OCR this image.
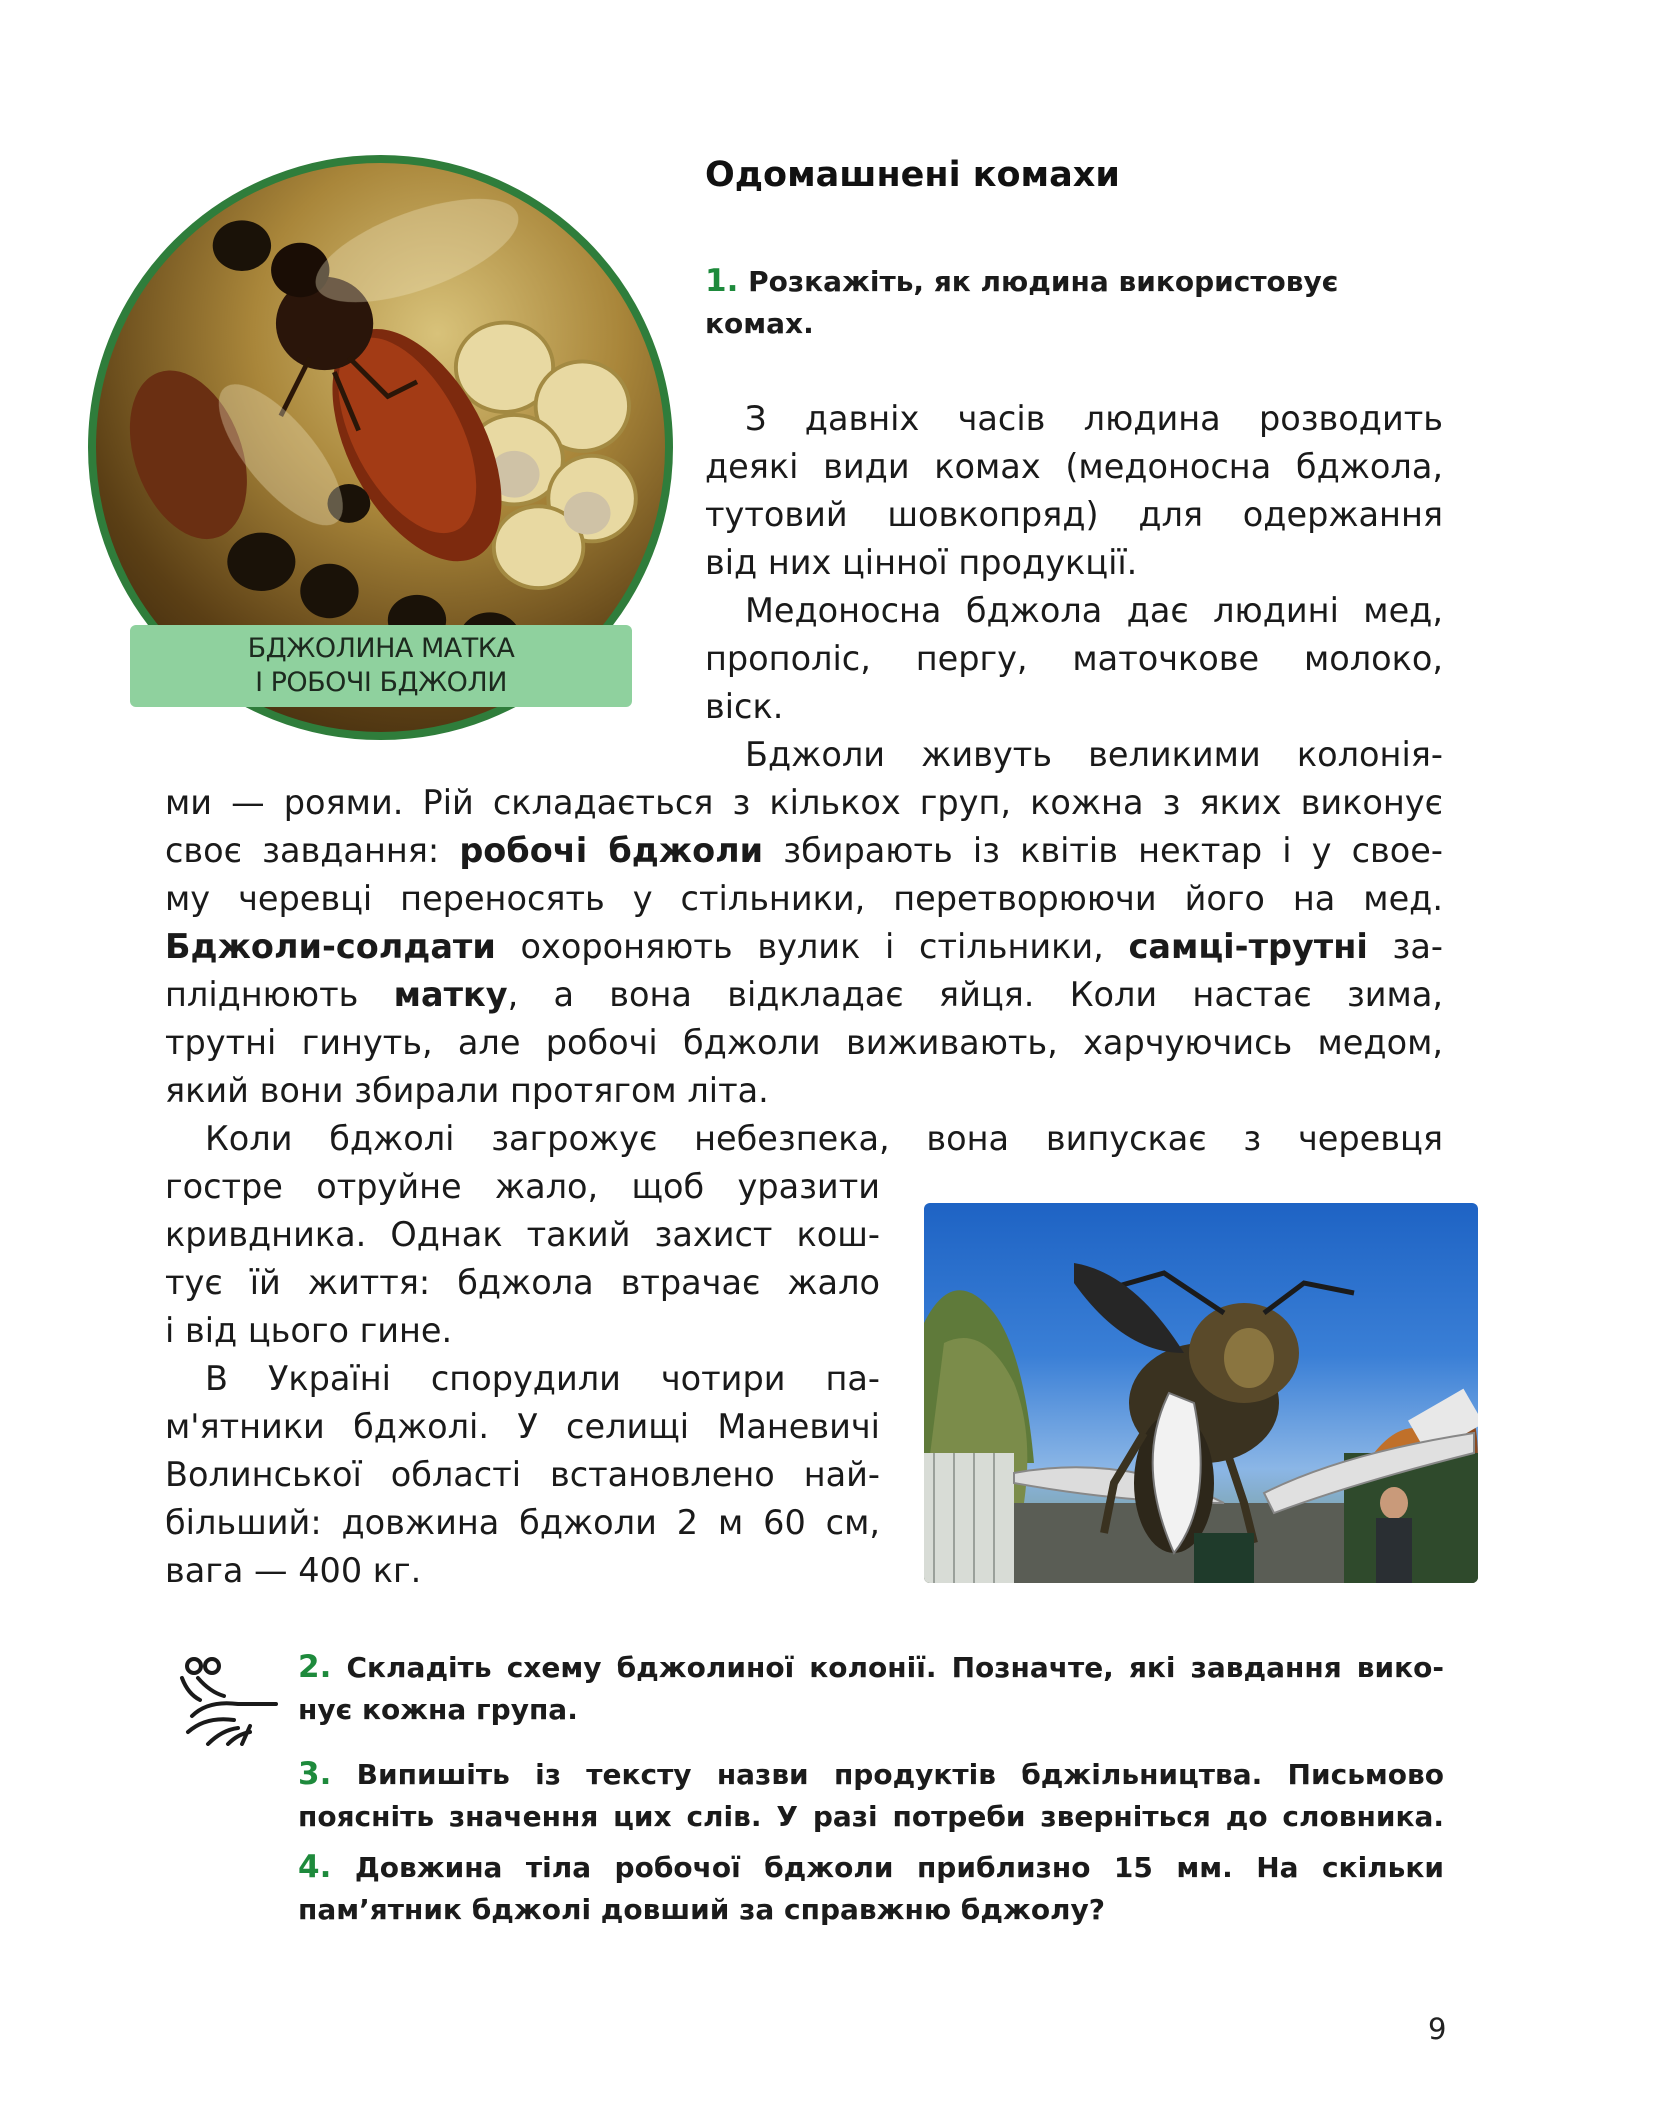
БДЖОЛИНА МАТКА
І РОБОЧІ БДЖОЛИ
Одомашнені комахи
1. Розкажіть, як людина використовує
комах.
З давніх часів людина розводить
деякі види комах (медоносна бджола,
тутовий шовкопряд) для одержання
від них цінної продукції.
Медоносна бджола дає людині мед,
прополіс, пергу, маточкове молоко,
віск.
Бджоли живуть великими колонія-
ми — роями. Рій складається з кількох груп, кожна з яких виконує
своє завдання: робочі бджоли збирають із квітів нектар і у свое-
му черевці переносять у стільники, перетворюючи його на мед.
Бджоли-солдати охороняють вулик і стільники, самці-трутні за-
пліднюють матку, а вона відкладає яйця. Коли настає зима,
трутні гинуть, але робочі бджоли виживають, харчуючись медом,
який вони збирали протягом літа.
Коли бджолі загрожує небезпека, вона випускає з черевця
гостре отруйне жало, щоб уразити
кривдника. Однак такий захист кош-
тує їй життя: бджола втрачає жало
і від цього гине.
В Україні спорудили чотири па-
м'ятники бджолі. У селищі Маневичі
Волинської області встановлено най-
більший: довжина бджоли 2 м 60 см,
вага — 400 кг.
2. Складіть схему бджолиної колонії. Позначте, які завдання вико-
нує кожна група.
3. Випишіть із тексту назви продуктів бджільництва. Письмово
поясніть значення цих слів. У разі потреби зверніться до словника.
4. Довжина тіла робочої бджоли приблизно 15 мм. На скільки
пам’ятник бджолі довший за справжню бджолу?
9
